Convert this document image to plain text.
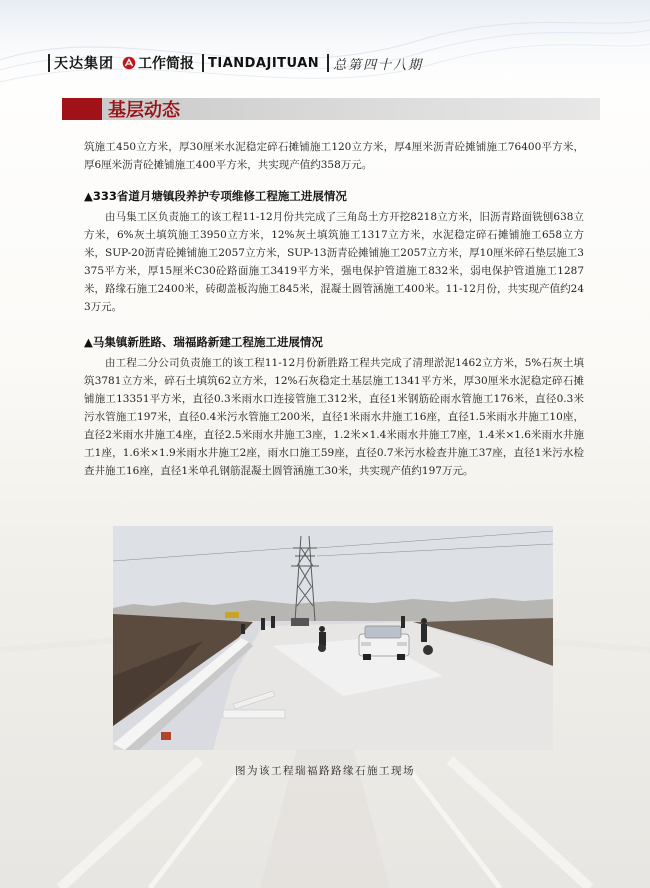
天达集团 工作简报 TIANDAJITUAN 总第四十八期
基层动态
筑施工450立方米，厚30厘米水泥稳定碎石摊铺施工120立方米，厚4厘米沥青砼摊铺施工76400平方米，厚6厘米沥青砼摊铺施工400平方米，共实现产值约358万元。
▲333省道月塘镇段养护专项维修工程施工进展情况
由马集工区负责施工的该工程11-12月份共完成了三角岛土方开挖8218立方米，旧沥青路面铣刨638立方米，6%灰土填筑施工3950立方米，12%灰土填筑施工1317立方米，水泥稳定碎石摊铺施工658立方米，SUP-20沥青砼摊铺施工2057立方米，SUP-13沥青砼摊铺施工2057立方米，厚10厘米碎石垫层施工3375平方米，厚15厘米C30砼路面施工3419平方米，强电保护管道施工832米，弱电保护管道施工1287米，路缘石施工2400米，砖砌盖板沟施工845米，混凝土圆管涵施工400米。11-12月份，共实现产值约243万元。
▲马集镇新胜路、瑞福路新建工程施工进展情况
由工程二分公司负责施工的该工程11-12月份新胜路工程共完成了清理淤泥1462立方米，5%石灰土填筑3781立方米，碎石土填筑62立方米，12%石灰稳定土基层施工1341平方米，厚30厘米水泥稳定碎石摊铺施工13351平方米，直径0.3米雨水口连接管施工312米，直径1米钢筋砼雨水管施工176米，直径0.3米污水管施工197米，直径0.4米污水管施工200米，直径1米雨水井施工16座，直径1.5米雨水井施工10座，直径2米雨水井施工4座，直径2.5米雨水井施工3座，1.2米×1.4米雨水井施工7座，1.4米×1.6米雨水井施工1座，1.6米×1.9米雨水井施工2座，雨水口施工59座，直径0.7米污水检查井施工37座，直径1米污水检查井施工16座，直径1米单孔钢筋混凝土圆管涵施工30米，共实现产值约197万元。
图为该工程瑞福路路缘石施工现场
